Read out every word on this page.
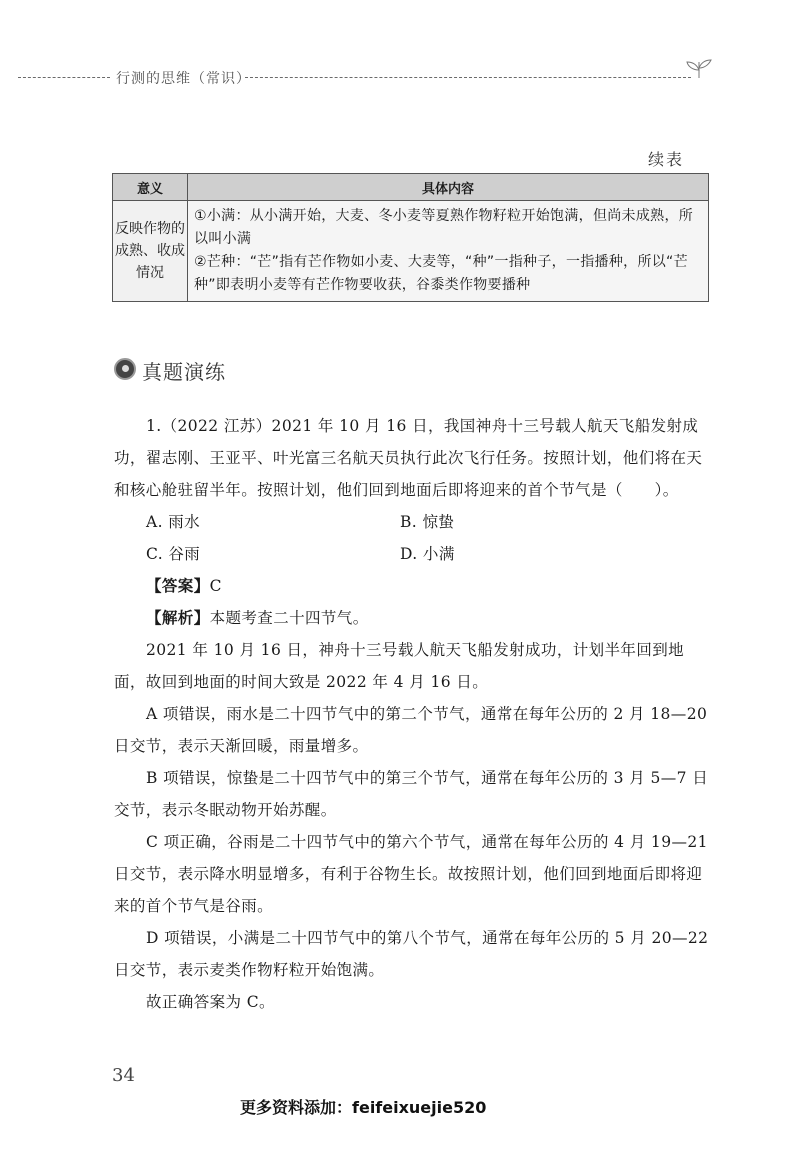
行测的思维（常识）
续表
意义	具体内容
反映作物的成熟、收成情况	①小满：从小满开始，大麦、冬小麦等夏熟作物籽粒开始饱满，但尚未成熟，所以叫小满

②芒种：“芒”指有芒作物如小麦、大麦等，“种”一指种子，一指播种，所以“芒种”即表明小麦等有芒作物要收获，谷黍类作物要播种

真题演练

1.（2022 江苏）2021 年 10 月 16 日，我国神舟十三号载人航天飞船发射成功，翟志刚、王亚平、叶光富三名航天员执行此次飞行任务。按照计划，他们将在天和核心舱驻留半年。按照计划，他们回到地面后即将迎来的首个节气是（　　）。

A. 雨水	B. 惊蛰
C. 谷雨	D. 小满

【答案】C

【解析】本题考查二十四节气。

2021 年 10 月 16 日，神舟十三号载人航天飞船发射成功，计划半年回到地面，故回到地面的时间大致是 2022 年 4 月 16 日。

A 项错误，雨水是二十四节气中的第二个节气，通常在每年公历的 2 月 18—20 日交节，表示天渐回暖，雨量增多。

B 项错误，惊蛰是二十四节气中的第三个节气，通常在每年公历的 3 月 5—7 日交节，表示冬眠动物开始苏醒。

C 项正确，谷雨是二十四节气中的第六个节气，通常在每年公历的 4 月 19—21 日交节，表示降水明显增多，有利于谷物生长。故按照计划，他们回到地面后即将迎来的首个节气是谷雨。

D 项错误，小满是二十四节气中的第八个节气，通常在每年公历的 5 月 20—22 日交节，表示麦类作物籽粒开始饱满。

故正确答案为 C。

34
更多资料添加：feifeixuejie520
